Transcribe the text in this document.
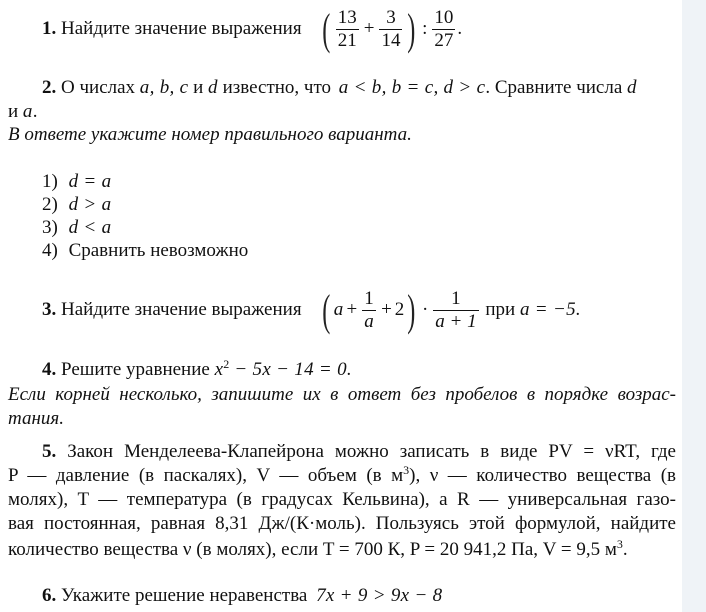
1. Найдите значение выражения ( $\frac{13}{21} + \frac{3}{14}$ ) : $\frac{10}{27}$ .
2. О числах a, b, c и d известно, что a < b, b = c, d > c. Сравните числа d
и a.
В ответе укажите номер правильного варианта.
1) d = a
2) d > a
3) d < a
4) Сравнить невозможно
3. Найдите значение выражения ( $a + \frac{1}{a} + 2) \cdot \frac{1}{a + 1}$ при a = −5.
4. Решите уравнение $x^2 - 5x - 14 = 0$.
Если корней несколько, запишите их в ответ без пробелов в порядке возрас-
тания.
5. Закон Менделеева-Клапейрона можно записать в виде PV = νRT, где
P — давление (в паскалях), V — объем (в $м^3$), ν — количество вещества (в
молях), T — температура (в градусах Кельвина), а R — универсальная газо-
вая постоянная, равная 8,31 Дж/(К·моль). Пользуясь этой формулой, найдите
количество вещества ν (в молях), если T = 700 К, P = 20 941,2 Па, V = 9,5 $м^3$.
6. Укажите решение неравенства 7x + 9 > 9x − 8
